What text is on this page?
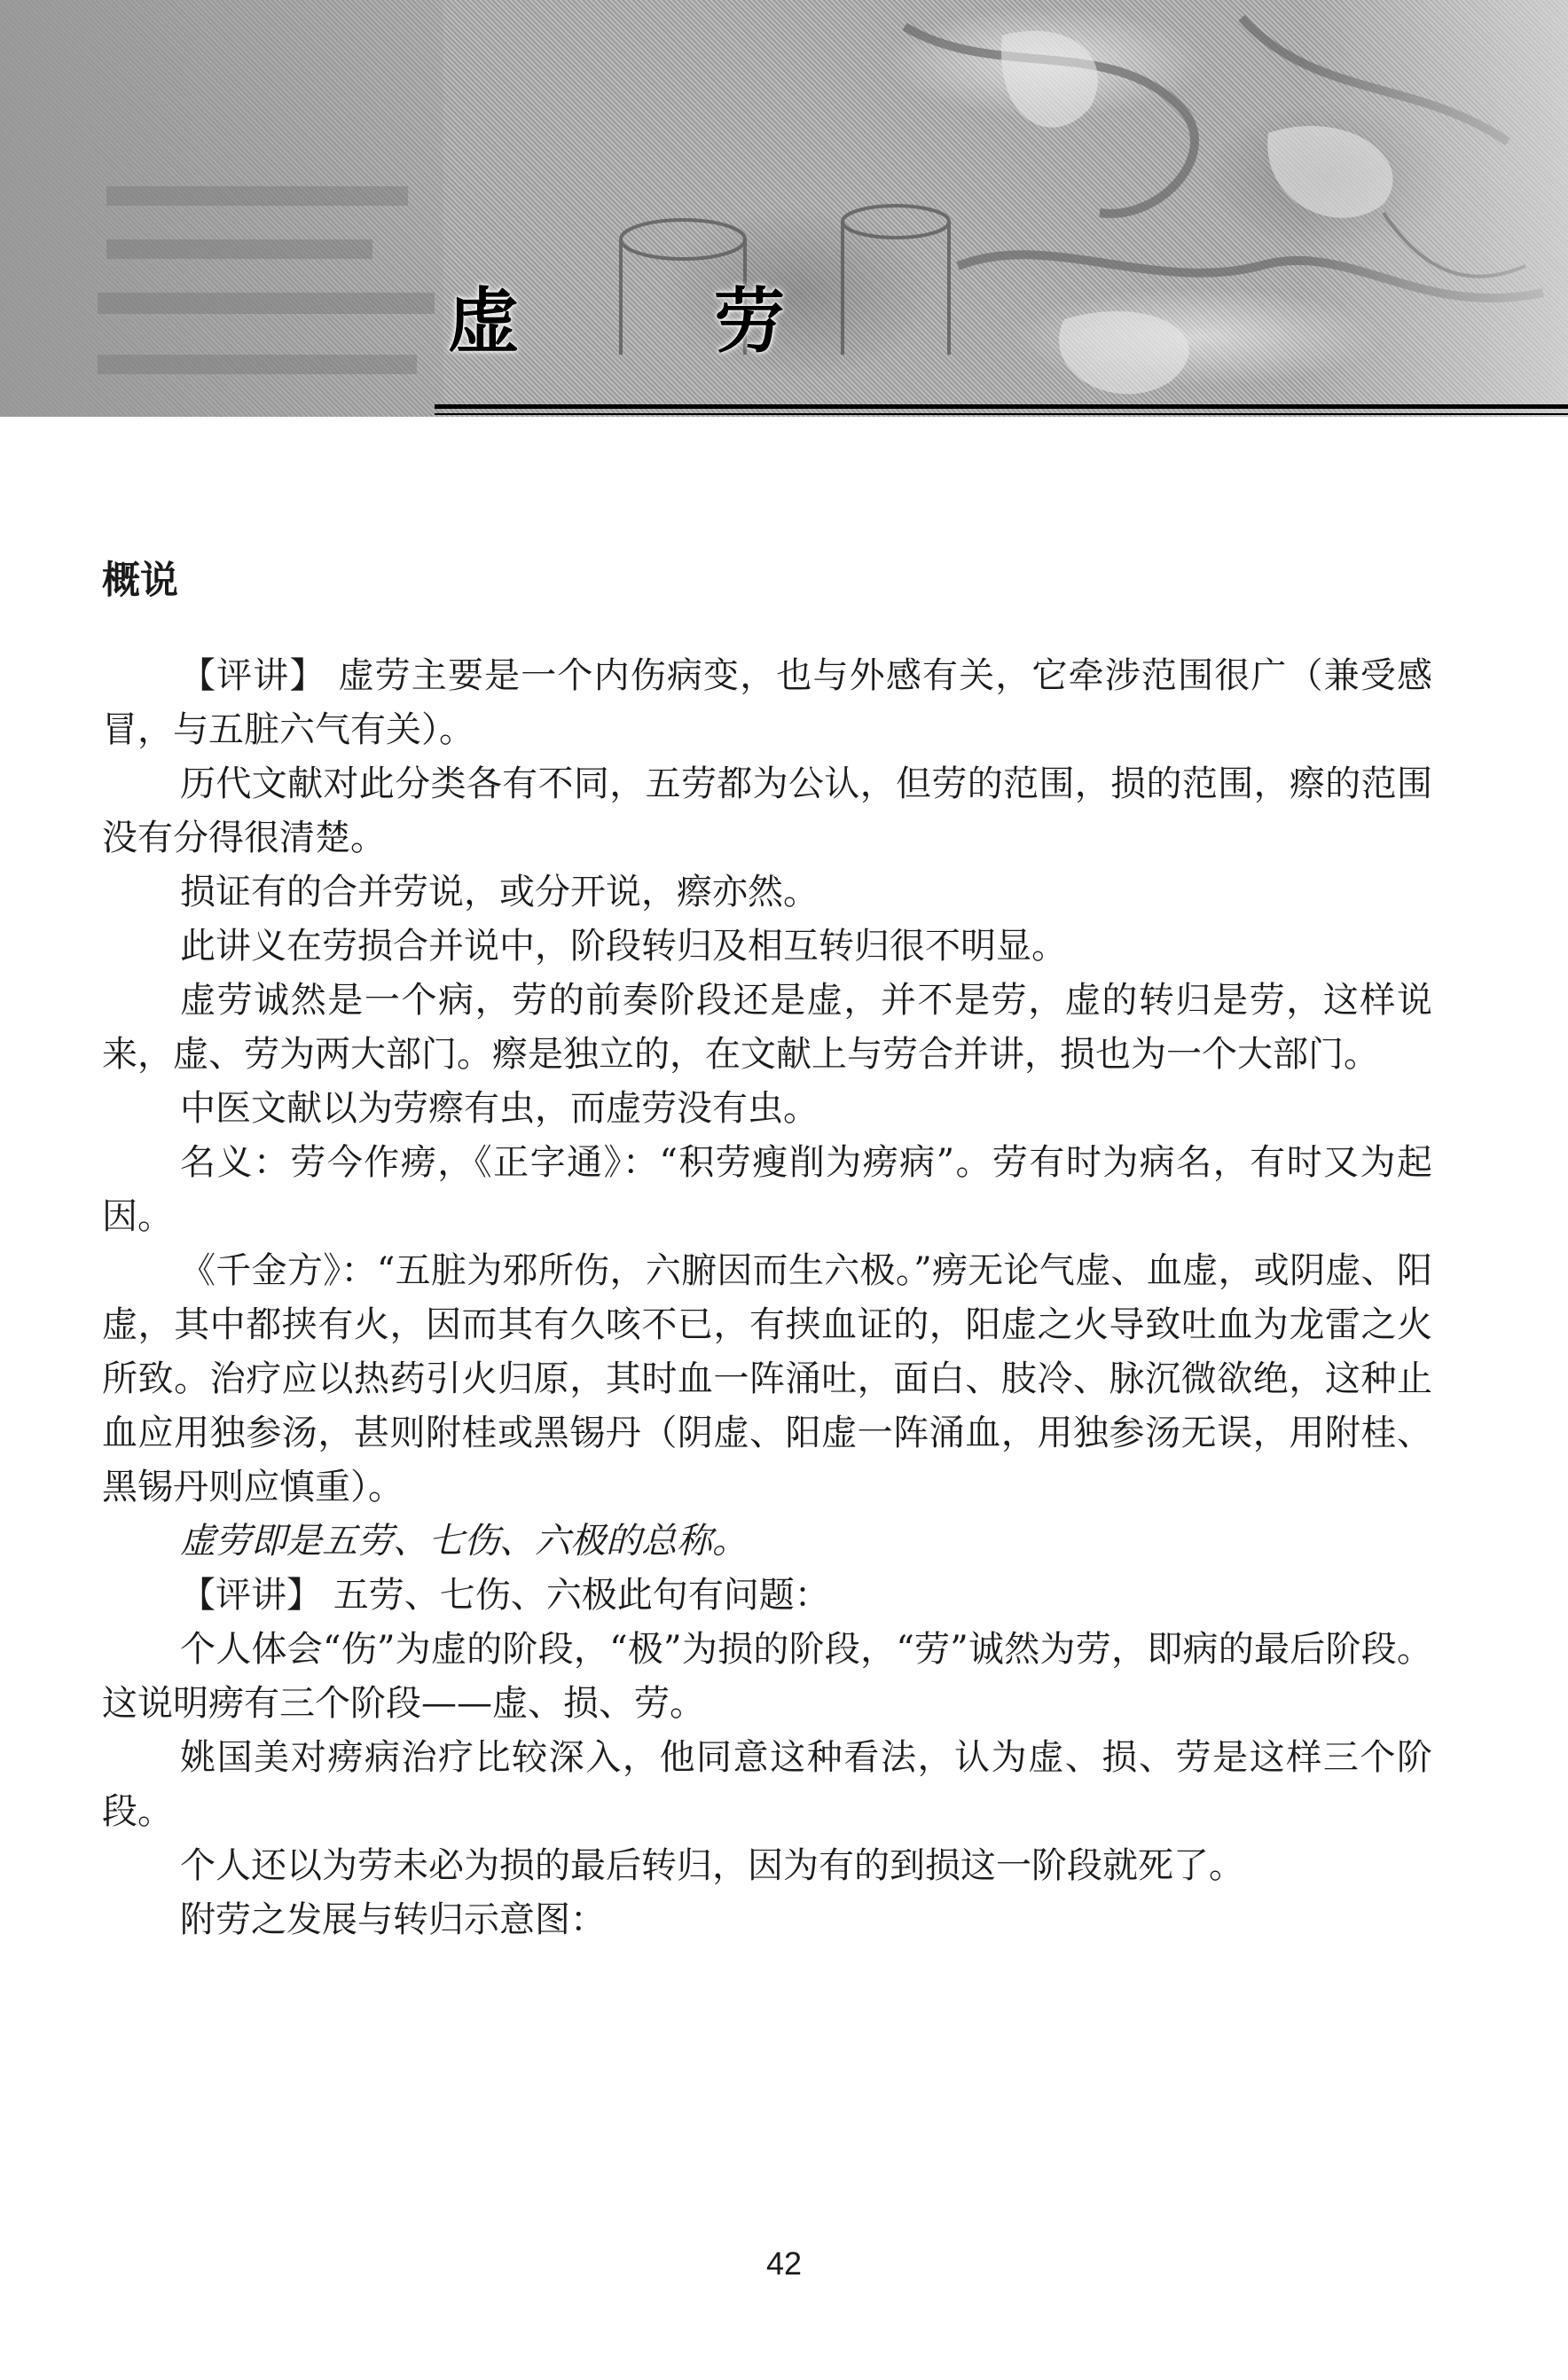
虚	劳
概说

【评讲】 虚劳主要是一个内伤病变，也与外感有关，它牵涉范围很广（兼受感冒，与五脏六气有关）。

历代文献对此分类各有不同，五劳都为公认，但劳的范围，损的范围，瘵的范围没有分得很清楚。

损证有的合并劳说，或分开说，瘵亦然。

此讲义在劳损合并说中，阶段转归及相互转归很不明显。

虚劳诚然是一个病，劳的前奏阶段还是虚，并不是劳，虚的转归是劳，这样说来，虚、劳为两大部门。瘵是独立的，在文献上与劳合并讲，损也为一个大部门。

中医文献以为劳瘵有虫，而虚劳没有虫。

名义：劳今作痨，《正字通》：“积劳瘦削为痨病”。劳有时为病名，有时又为起因。

《千金方》：“五脏为邪所伤，六腑因而生六极。”痨无论气虚、血虚，或阴虚、阳虚，其中都挟有火，因而其有久咳不已，有挟血证的，阳虚之火导致吐血为龙雷之火所致。治疗应以热药引火归原，其时血一阵涌吐，面白、肢冷、脉沉微欲绝，这种止血应用独参汤，甚则附桂或黑锡丹（阴虚、阳虚一阵涌血，用独参汤无误，用附桂、黑锡丹则应慎重）。

虚劳即是五劳、七伤、六极的总称。

【评讲】 五劳、七伤、六极此句有问题：

个人体会“伤”为虚的阶段，“极”为损的阶段，“劳”诚然为劳，即病的最后阶段。这说明痨有三个阶段——虚、损、劳。

姚国美对痨病治疗比较深入，他同意这种看法，认为虚、损、劳是这样三个阶段。

个人还以为劳未必为损的最后转归，因为有的到损这一阶段就死了。

附劳之发展与转归示意图：

42
